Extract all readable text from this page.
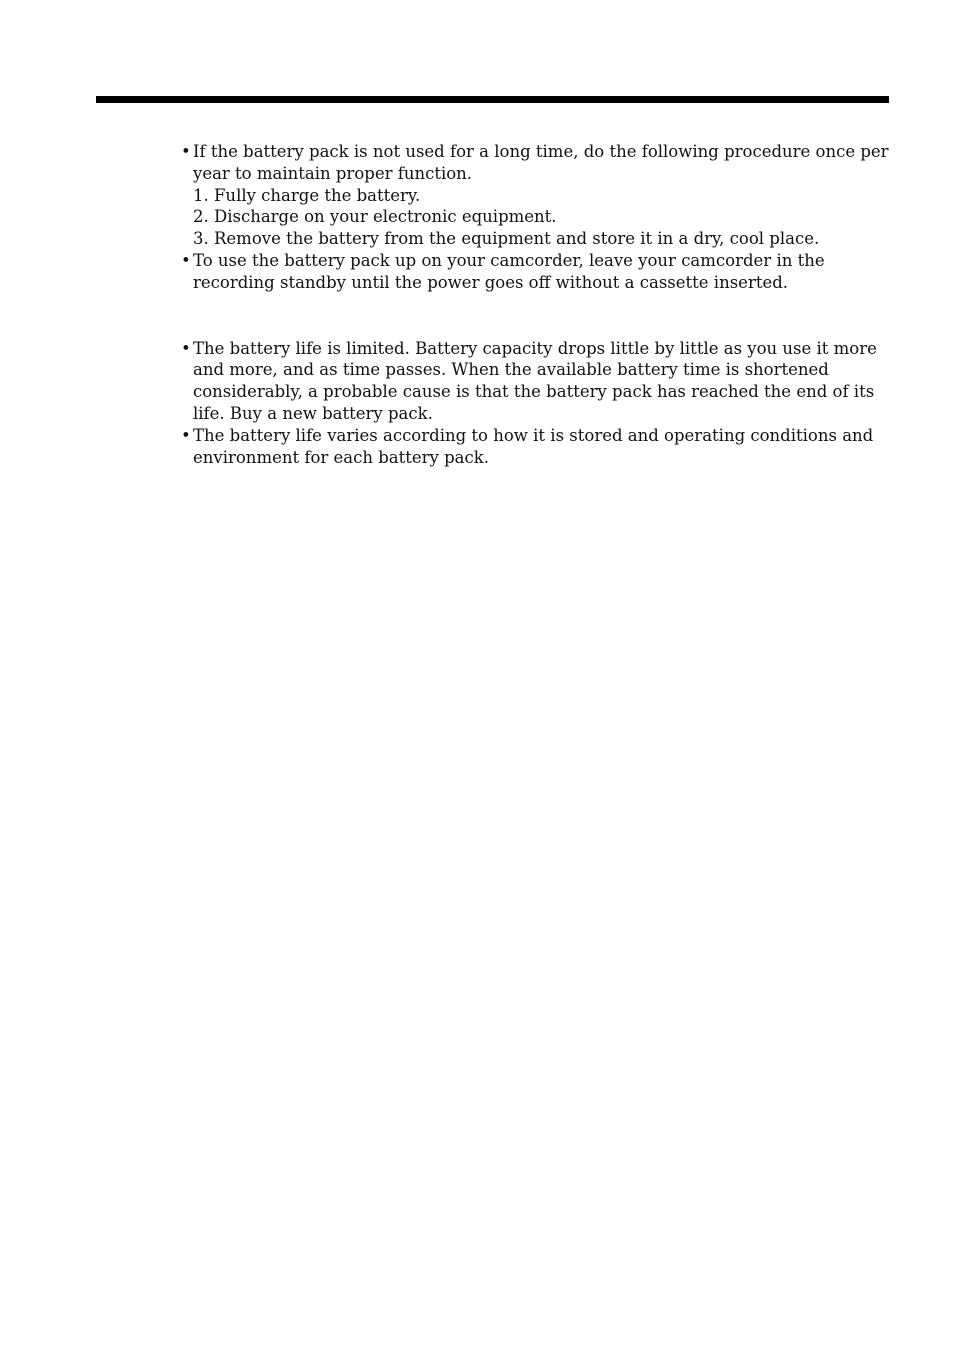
• If the battery pack is not used for a long time, do the following procedure once per year to maintain proper function.
1. Fully charge the battery.
2. Discharge on your electronic equipment.
3. Remove the battery from the equipment and store it in a dry, cool place.
• To use the battery pack up on your camcorder, leave your camcorder in the recording standby until the power goes off without a cassette inserted.
• The battery life is limited. Battery capacity drops little by little as you use it more and more, and as time passes. When the available battery time is shortened considerably, a probable cause is that the battery pack has reached the end of its life. Buy a new battery pack.
• The battery life varies according to how it is stored and operating conditions and environment for each battery pack.
